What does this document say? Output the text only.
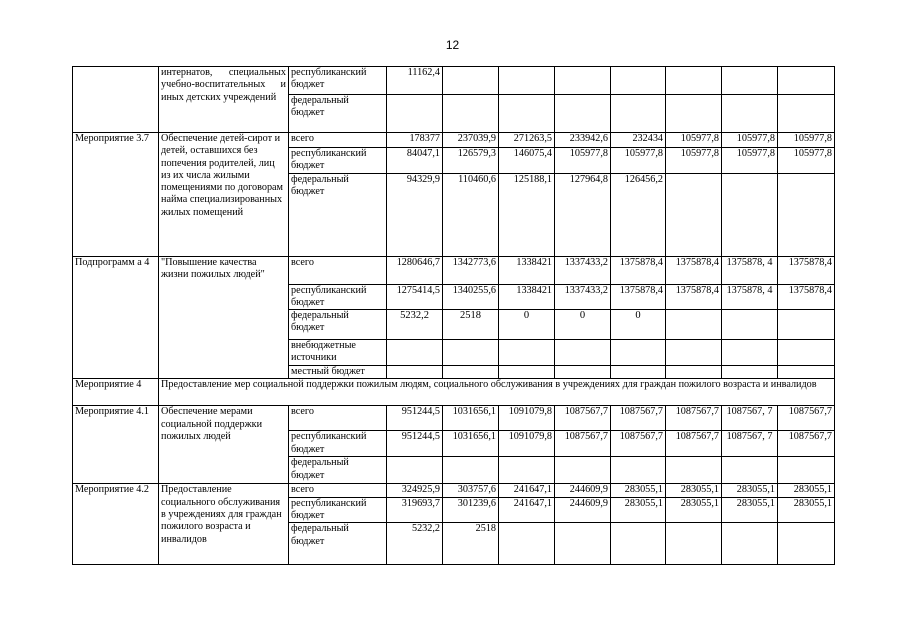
12
	интернатов, специальных учебно-воспитательных и иных детских учреждений	республиканский бюджет	11162,4							
		федеральный бюджет								
Мероприятие 3.7	Обеспечение детей-сирот и детей, оставшихся без попечения родителей, лиц из их числа жилыми помещениями по договорам найма специализированных жилых помещений	всего	178377	237039,9	271263,5	233942,6	232434	105977,8	105977,8	105977,8
		республиканский бюджет	84047,1	126579,3	146075,4	105977,8	105977,8	105977,8	105977,8	105977,8
		федеральный бюджет	94329,9	110460,6	125188,1	127964,8	126456,2			
Подпрограмм а 4	"Повышение качества жизни пожилых людей"	всего	1280646,7	1342773,6	1338421	1337433,2	1375878,4	1375878,4	1375878, 4	1375878,4
		республиканский бюджет	1275414,5	1340255,6	1338421	1337433,2	1375878,4	1375878,4	1375878, 4	1375878,4
		федеральный бюджет	5232,2	2518	0	0	0			
		внебюджетные источники								
		местный бюджет								
Мероприятие 4	Предоставление мер социальной поддержки пожилым людям, социального обслуживания в учреждениях для граждан пожилого возраста и инвалидов									
Мероприятие 4.1	Обеспечение мерами социальной поддержки пожилых людей	всего	951244,5	1031656,1	1091079,8	1087567,7	1087567,7	1087567,7	1087567, 7	1087567,7
		республиканский бюджет	951244,5	1031656,1	1091079,8	1087567,7	1087567,7	1087567,7	1087567, 7	1087567,7
		федеральный бюджет								
Мероприятие 4.2	Предоставление социального обслуживания в учреждениях для граждан пожилого возраста и инвалидов	всего	324925,9	303757,6	241647,1	244609,9	283055,1	283055,1	283055,1	283055,1
		республиканский бюджет	319693,7	301239,6	241647,1	244609,9	283055,1	283055,1	283055,1	283055,1
		федеральный бюджет	5232,2	2518						
